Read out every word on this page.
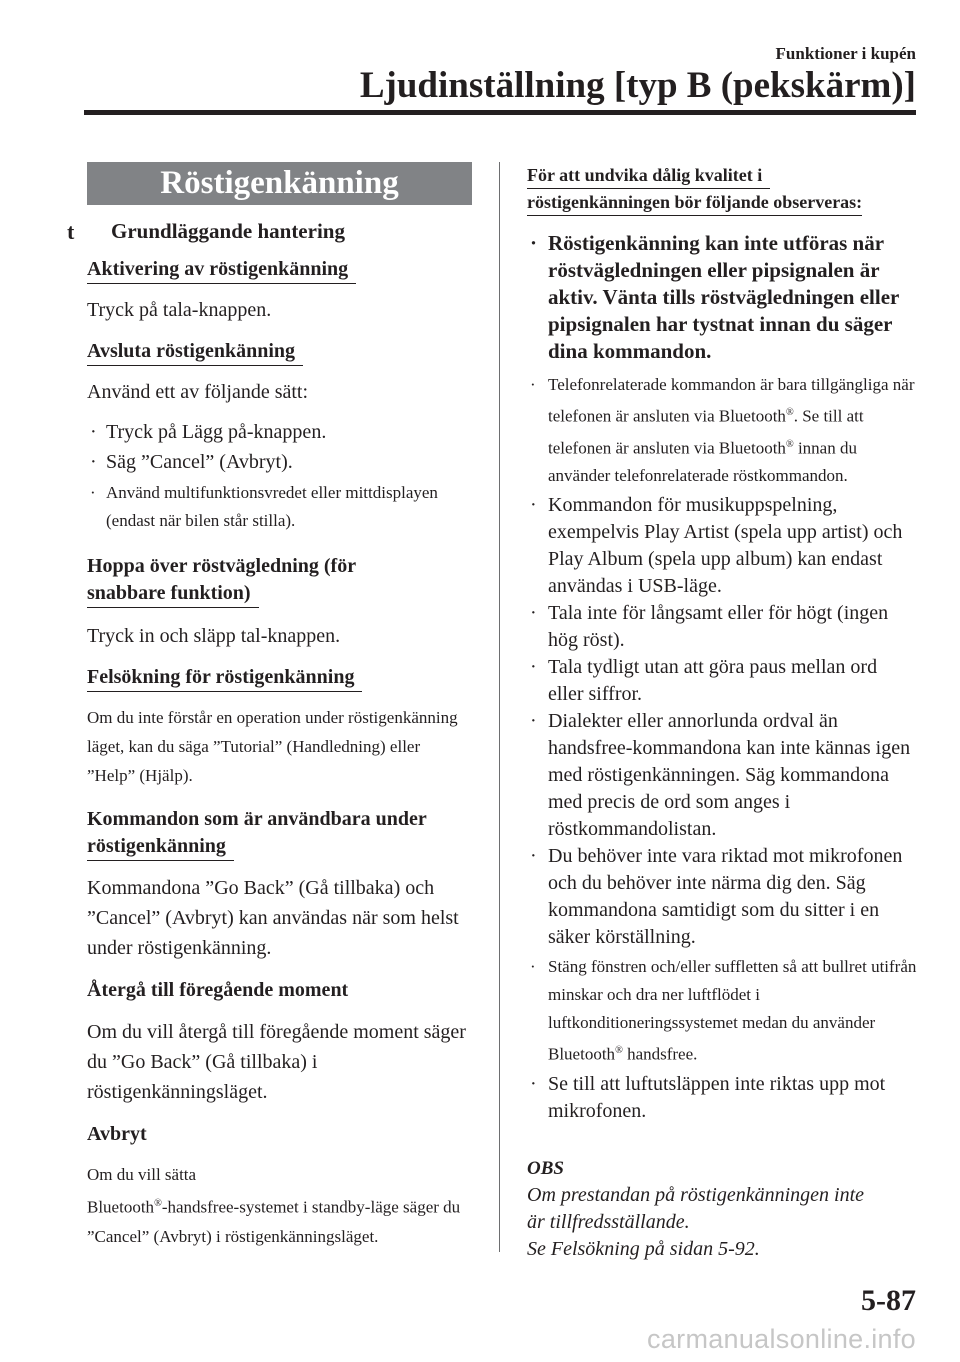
Funktioner i kupén
Ljudinställning [typ B (pekskärm)]
Röstigenkänning
t Grundläggande hantering
Aktivering av röstigenkänning
Tryck på tala-knappen.
Avsluta röstigenkänning
Använd ett av följande sätt:
· Tryck på Lägg på-knappen.
· Säg ”Cancel” (Avbryt).
· Använd multifunktionsvredet eller mittdisplayen (endast när bilen står stilla).
Hoppa över röstvägledning (för
snabbare funktion)
Tryck in och släpp tal-knappen.
Felsökning för röstigenkänning
Om du inte förstår en operation under röstigenkänning läget, kan du säga ”Tutorial” (Handledning) eller ”Help” (Hjälp).
Kommandon som är användbara under
röstigenkänning
Kommandona ”Go Back” (Gå tillbaka) och ”Cancel” (Avbryt) kan användas när som helst under röstigenkänning.
Återgå till föregående moment
Om du vill återgå till föregående moment säger du ”Go Back” (Gå tillbaka) i röstigenkänningsläget.
Avbryt
Om du vill sätta
Bluetooth®-handsfree-systemet i standby-läge säger du ”Cancel” (Avbryt) i röstigenkänningsläget.
För att undvika dålig kvalitet i
röstigenkänningen bör följande observeras:
· Röstigenkänning kan inte utföras när röstvägledningen eller pipsignalen är aktiv. Vänta tills röstvägledningen eller pipsignalen har tystnat innan du säger dina kommandon.
· Telefonrelaterade kommandon är bara tillgängliga när telefonen är ansluten via Bluetooth®. Se till att telefonen är ansluten via Bluetooth® innan du använder telefonrelaterade röstkommandon.
· Kommandon för musikuppspelning, exempelvis Play Artist (spela upp artist) och Play Album (spela upp album) kan endast användas i USB-läge.
· Tala inte för långsamt eller för högt (ingen hög röst).
· Tala tydligt utan att göra paus mellan ord eller siffror.
· Dialekter eller annorlunda ordval än handsfree-kommandona kan inte kännas igen med röstigenkänningen. Säg kommandona med precis de ord som anges i röstkommandolistan.
· Du behöver inte vara riktad mot mikrofonen och du behöver inte närma dig den. Säg kommandona samtidigt som du sitter i en säker körställning.
· Stäng fönstren och/eller suffletten så att bullret utifrån minskar och dra ner luftflödet i luftkonditioneringssystemet medan du använder Bluetooth® handsfree.
· Se till att luftutsläppen inte riktas upp mot mikrofonen.
OBS
Om prestandan på röstigenkänningen inte
är tillfredsställande.
Se Felsökning på sidan 5-92.
5-87
carmanualsonline.info
